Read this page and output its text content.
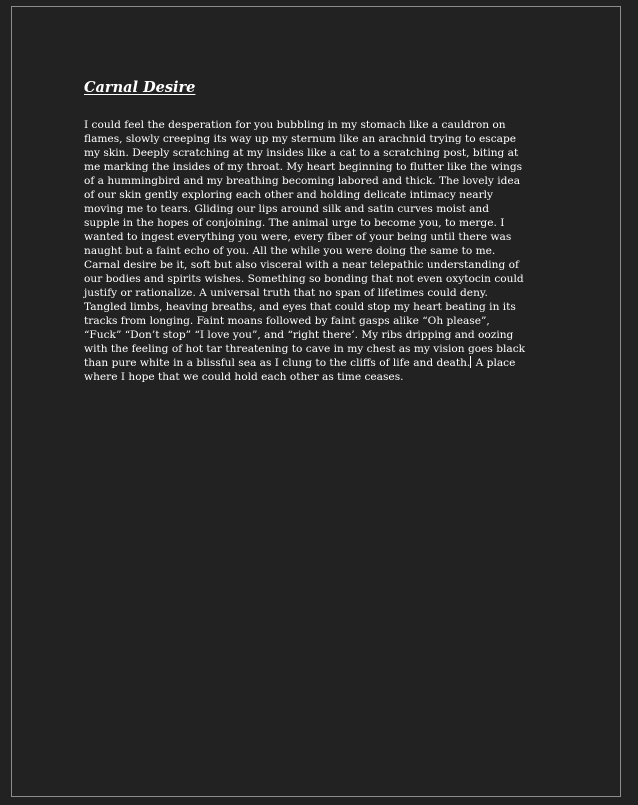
Carnal Desire
I could feel the desperation for you bubbling in my stomach like a cauldron on
flames, slowly creeping its way up my sternum like an arachnid trying to escape
my skin. Deeply scratching at my insides like a cat to a scratching post, biting at
me marking the insides of my throat. My heart beginning to flutter like the wings
of a hummingbird and my breathing becoming labored and thick. The lovely idea
of our skin gently exploring each other and holding delicate intimacy nearly
moving me to tears. Gliding our lips around silk and satin curves moist and
supple in the hopes of conjoining. The animal urge to become you, to merge. I
wanted to ingest everything you were, every fiber of your being until there was
naught but a faint echo of you. All the while you were doing the same to me.
Carnal desire be it, soft but also visceral with a near telepathic understanding of
our bodies and spirits wishes. Something so bonding that not even oxytocin could
justify or rationalize. A universal truth that no span of lifetimes could deny.
Tangled limbs, heaving breaths, and eyes that could stop my heart beating in its
tracks from longing. Faint moans followed by faint gasps alike “Oh please”,
“Fuck” “Don’t stop” “I love you”, and “right there’. My ribs dripping and oozing
with the feeling of hot tar threatening to cave in my chest as my vision goes black
than pure white in a blissful sea as I clung to the cliffs of life and death. A place
where I hope that we could hold each other as time ceases.
